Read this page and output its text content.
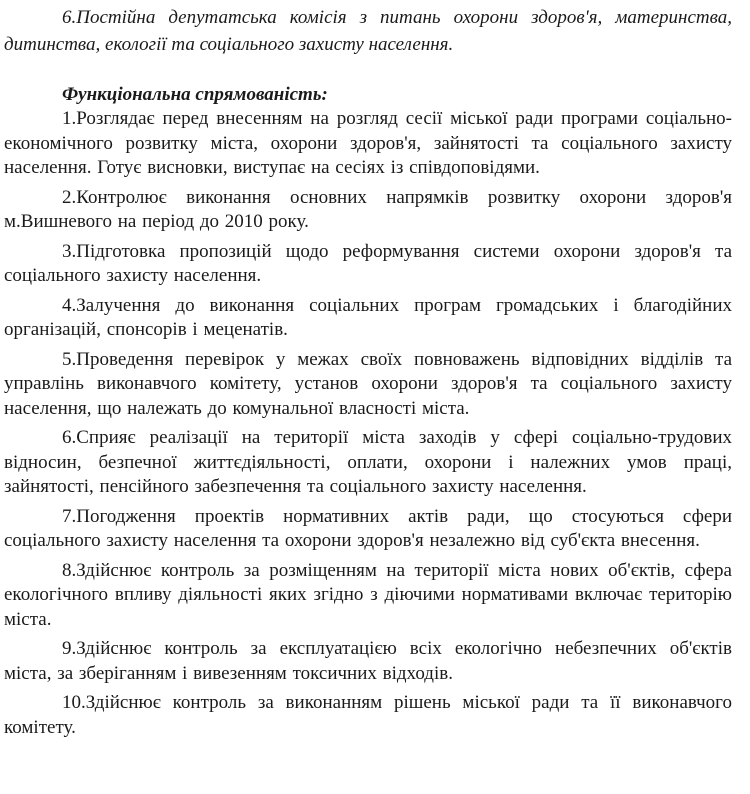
6.Постійна депутатська комісія з питань охорони здоров'я, материнства, дитинства, екології та соціального захисту населення.

Функціональна спрямованість:

1.Розглядає перед внесенням на розгляд сесії міської ради програми соціально-економічного розвитку міста, охорони здоров'я, зайнятості та соціального захисту населення. Готує висновки, виступає на сесіях із співдоповідями.
2.Контролює виконання основних напрямків розвитку охорони здоров'я м.Вишневого на період до 2010 року.
3.Підготовка пропозицій щодо реформування системи охорони здоров'я та соціального захисту населення.
4.Залучення до виконання соціальних програм громадських і благодійних організацій, спонсорів і меценатів.
5.Проведення перевірок у межах своїх повноважень відповідних відділів та управлінь виконавчого комітету, установ охорони здоров'я та соціального захисту населення, що належать до комунальної власності міста.
6.Сприяє реалізації на території міста заходів у сфері соціально-трудових відносин, безпечної життєдіяльності, оплати, охорони і належних умов праці, зайнятості, пенсійного забезпечення та соціального захисту населення.
7.Погодження проектів нормативних актів ради, що стосуються сфери соціального захисту населення та охорони здоров'я незалежно від суб'єкта внесення.
8.Здійснює контроль за розміщенням на території міста нових об'єктів, сфера екологічного впливу діяльності яких згідно з діючими нормативами включає територію міста.
9.Здійснює контроль за експлуатацією всіх екологічно небезпечних об'єктів міста, за зберіганням і вивезенням токсичних відходів.
10.Здійснює контроль за виконанням рішень міської ради та її виконавчого комітету.
